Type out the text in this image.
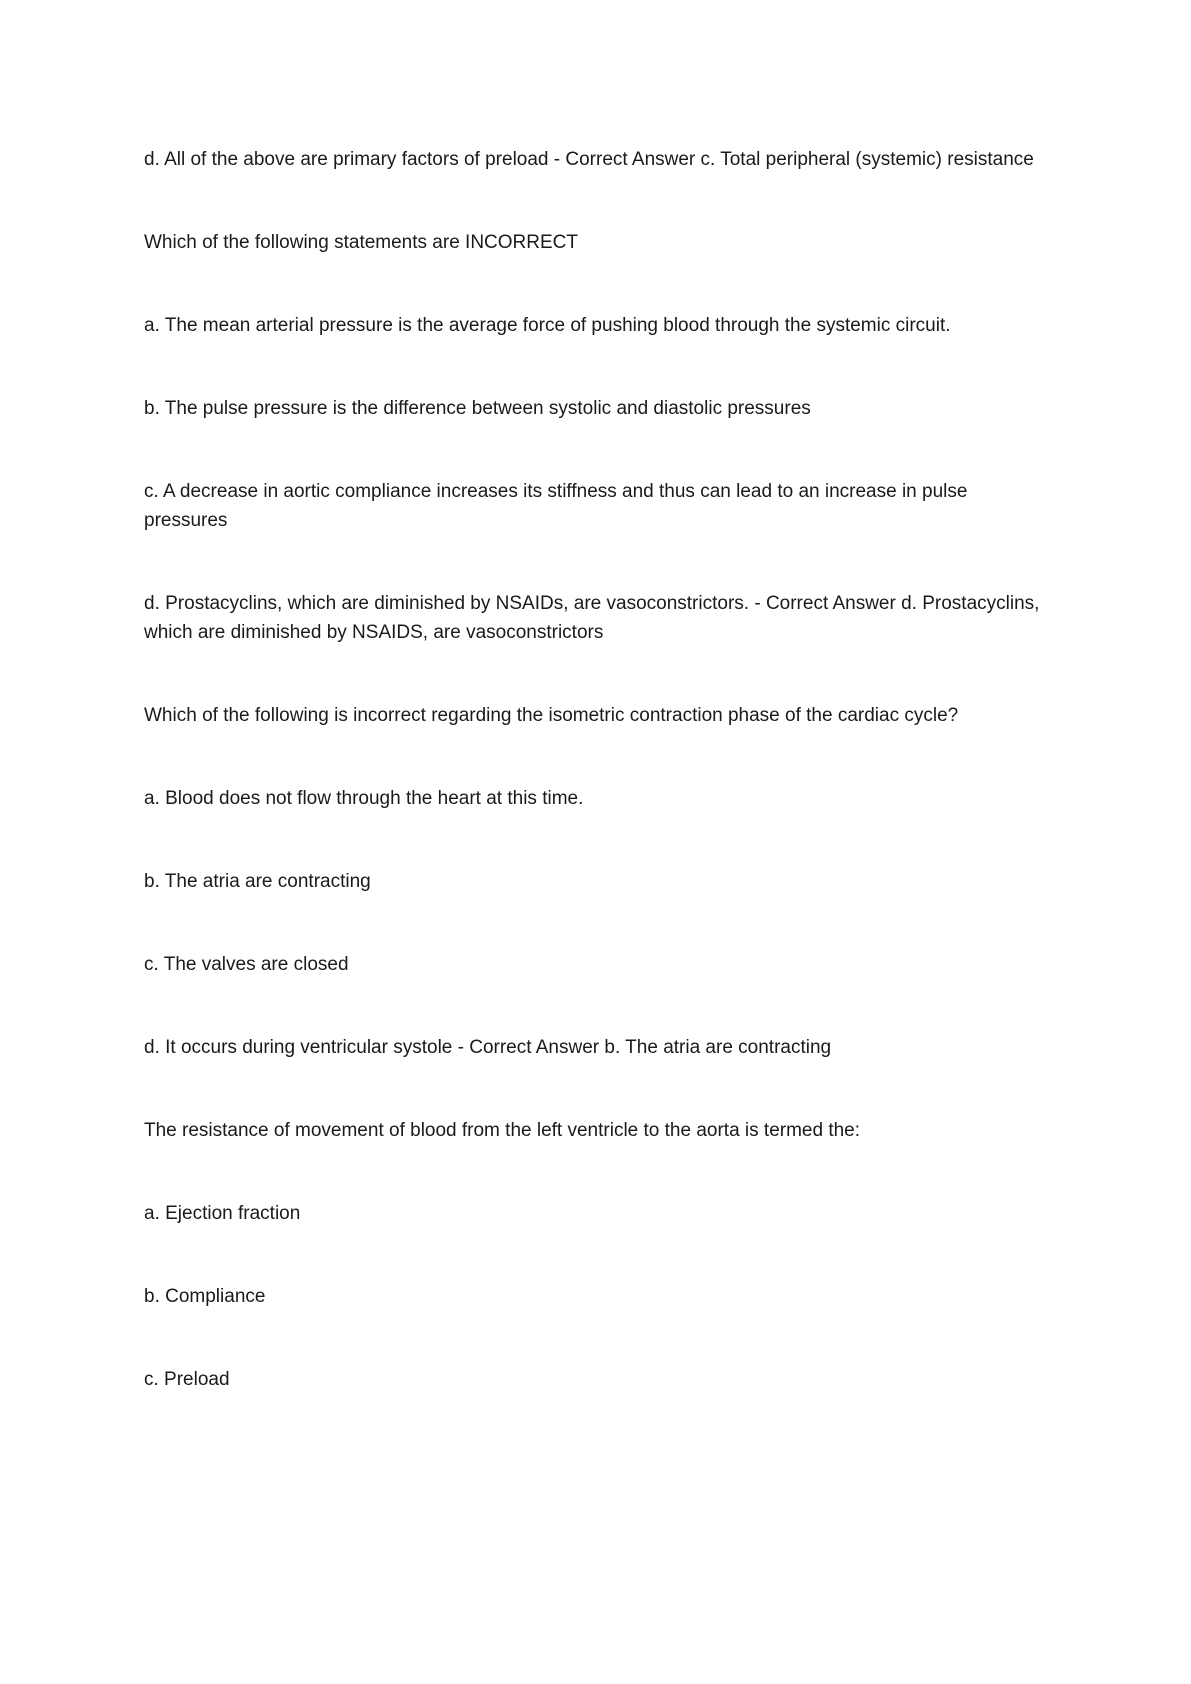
d. All of the above are primary factors of preload - Correct Answer c. Total peripheral (systemic) resistance

Which of the following statements are INCORRECT

a. The mean arterial pressure is the average force of pushing blood through the systemic circuit.

b. The pulse pressure is the difference between systolic and diastolic pressures

c. A decrease in aortic compliance increases its stiffness and thus can lead to an increase in pulse pressures

d. Prostacyclins, which are diminished by NSAIDs, are vasoconstrictors. - Correct Answer d. Prostacyclins, which are diminished by NSAIDS, are vasoconstrictors

Which of the following is incorrect regarding the isometric contraction phase of the cardiac cycle?

a. Blood does not flow through the heart at this time.

b. The atria are contracting

c. The valves are closed

d. It occurs during ventricular systole - Correct Answer b. The atria are contracting

The resistance of movement of blood from the left ventricle to the aorta is termed the:

a. Ejection fraction

b. Compliance

c. Preload
